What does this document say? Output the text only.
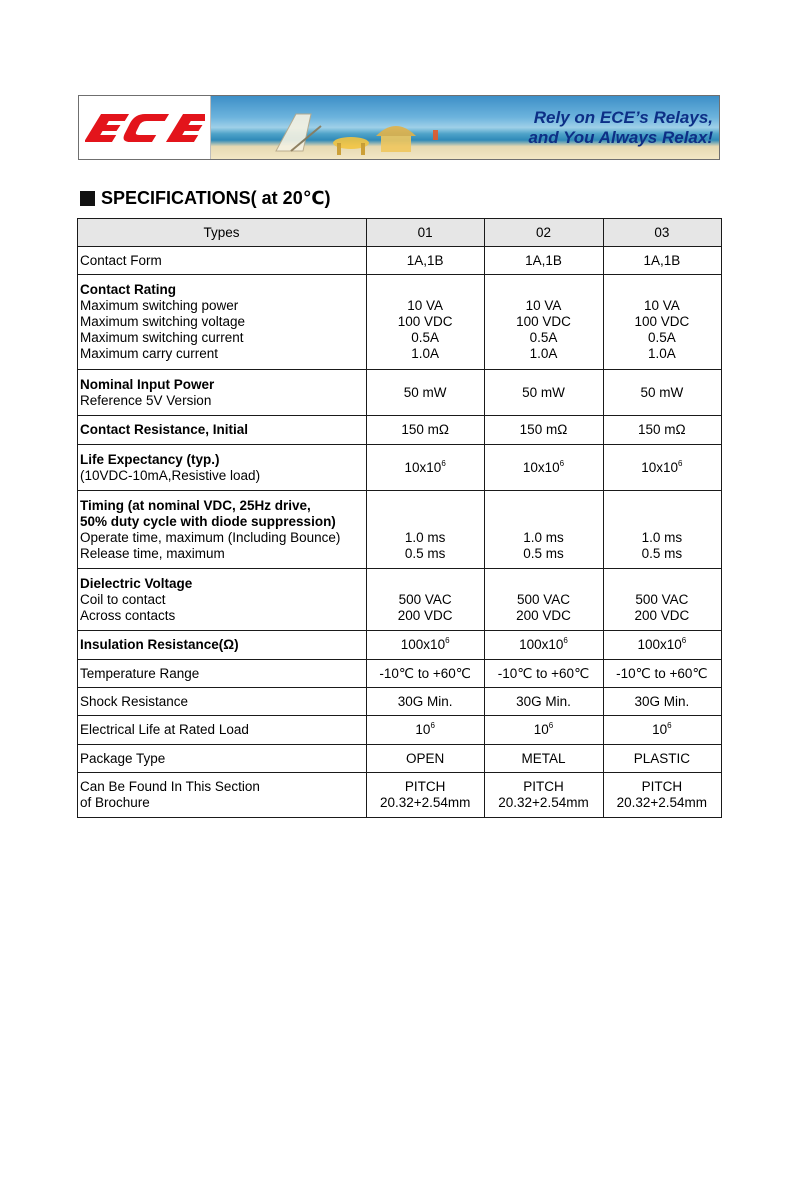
Rely on ECE’s Relays,
and You Always Relax!
SPECIFICATIONS( at 20℃)
Types	01	02	03
Contact Form	1A,1B	1A,1B	1A,1B

Contact Rating
Maximum switching power
Maximum switching voltage
Maximum switching current
Maximum carry current	10 VA
100 VDC
0.5A
1.0A	10 VA
100 VDC
0.5A
1.0A	10 VA
100 VDC
0.5A
1.0A

Nominal Input Power
Reference 5V Version	50 mW	50 mW	50 mW
Contact Resistance, Initial	150 mΩ	150 mΩ	150 mΩ

Life Expectancy (typ.)
(10VDC-10mA,Resistive load)	$10x10^6$	$10x10^6$	$10x10^6$

Timing (at nominal VDC, 25Hz drive,
50% duty cycle with diode suppression)
Operate time, maximum (Including Bounce)
Release time, maximum	1.0 ms
0.5 ms	1.0 ms
0.5 ms	1.0 ms
0.5 ms

Dielectric Voltage
Coil to contact
Across contacts	500 VAC
200 VDC	500 VAC
200 VDC	500 VAC
200 VDC

Insulation Resistance(Ω)	$100x10^6$	$100x10^6$	$100x10^6$
Temperature Range	-10℃ to +60℃	-10℃ to +60℃	-10℃ to +60℃
Shock Resistance	30G Min.	30G Min.	30G Min.
Electrical Life at Rated Load	$10^6$	$10^6$	$10^6$
Package Type	OPEN	METAL	PLASTIC

Can Be Found In This Section
of Brochure	PITCH
20.32+2.54mm	PITCH
20.32+2.54mm	PITCH
20.32+2.54mm
